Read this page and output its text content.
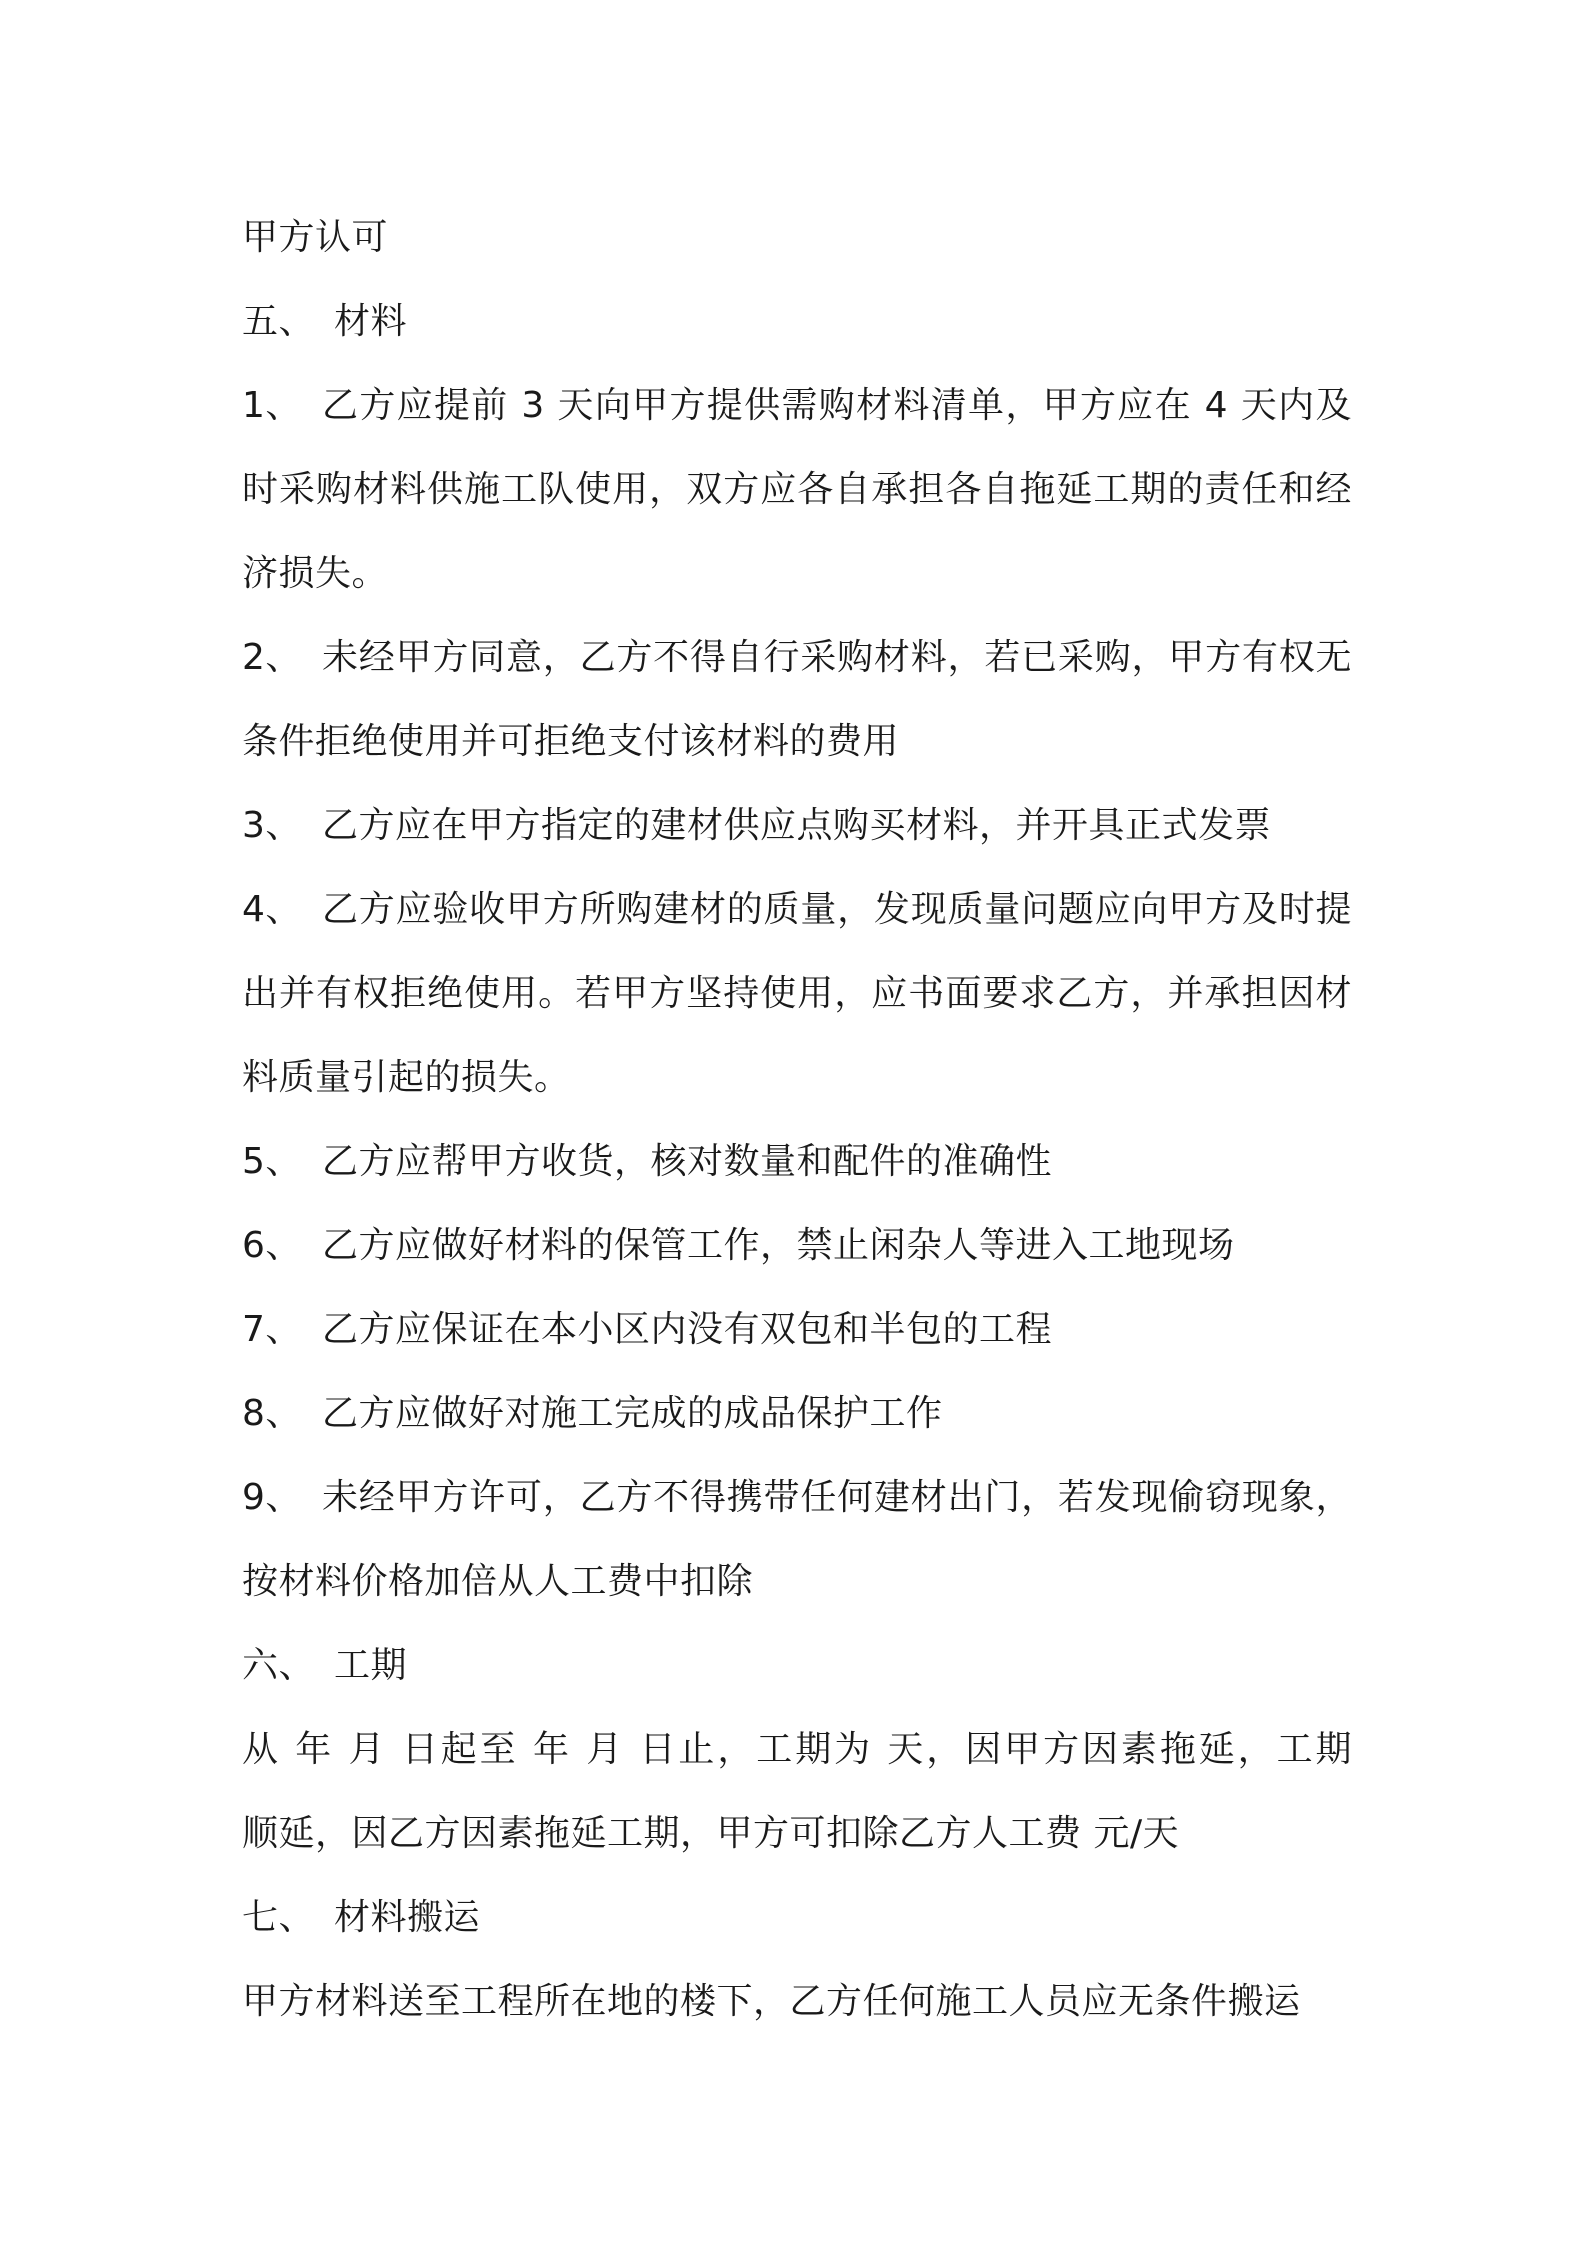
甲方认可
五、 材料
1、 乙方应提前 3 天向甲方提供需购材料清单，甲方应在 4 天内及
时采购材料供施工队使用，双方应各自承担各自拖延工期的责任和经
济损失。
2、 未经甲方同意，乙方不得自行采购材料，若已采购，甲方有权无
条件拒绝使用并可拒绝支付该材料的费用
3、 乙方应在甲方指定的建材供应点购买材料，并开具正式发票
4、 乙方应验收甲方所购建材的质量，发现质量问题应向甲方及时提
出并有权拒绝使用。若甲方坚持使用，应书面要求乙方，并承担因材
料质量引起的损失。
5、 乙方应帮甲方收货，核对数量和配件的准确性
6、 乙方应做好材料的保管工作，禁止闲杂人等进入工地现场
7、 乙方应保证在本小区内没有双包和半包的工程
8、 乙方应做好对施工完成的成品保护工作
9、 未经甲方许可，乙方不得携带任何建材出门，若发现偷窃现象，
按材料价格加倍从人工费中扣除
六、 工期
从 年 月 日起至 年 月 日止，工期为 天，因甲方因素拖延，工期
顺延，因乙方因素拖延工期，甲方可扣除乙方人工费 元/天
七、 材料搬运
甲方材料送至工程所在地的楼下，乙方任何施工人员应无条件搬运
